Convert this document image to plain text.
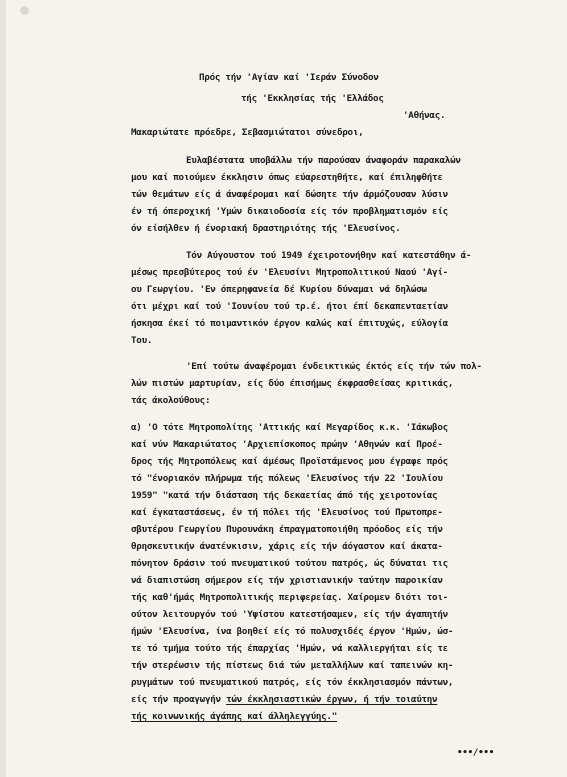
Πρός τήν 'Αγίαν καί 'Ιεράν Σύνοδον
τής 'Εκκλησίας τής 'Ελλάδος
'Αθήνας.
Μακαριώτατε πρόεδρε, Σεβασμιώτατοι σύνεδροι,
Ευλαβέστατα υποβάλλω τήν παρούσαν άναφοράν παρακαλών
μου καί ποιούμεν έκκλησιν όπως εύαρεστηθήτε, καί έπιληφθήτε
τών θεμάτων είς ά άναφέρομαι καί δώσητε τήν άρμόζουσαν λύσιν
έν τή όπεροχική 'Υμών δικαιοδοσία είς τόν προβληματισμόν είς
όν είσήλθεν ή ένοριακή δραστηριότης τής 'Ελευσίνος.
Τόν Αύγουστον τού 1949 έχειροτονήθην καί κατεστάθην ά-
μέσως πρεσβύτερος τού έν 'Ελευσίνι Μητροπολιτικού Ναού 'Αγί-
ου Γεωργίου. 'Εν όπερηφανεία δέ Κυρίου δύναμαι νά δηλώσω
ότι μέχρι καί τού 'Ιουνίου τού τρ.έ. ήτοι έπί δεκαπενταετίαν
ήσκησα έκεί τό ποιμαντικόν έργον καλώς καί έπιτυχώς, εύλογία
Του.
'Επί τούτω άναφέρομαι ένδεικτικώς έκτός είς τήν τών πολ-
λών πιστών μαρτυρίαν, είς δύο έπισήμως έκφρασθείσας κριτικάς,
τάς άκολούθους:
α) 'Ο τότε Μητροπολίτης 'Αττικής καί Μεγαρίδος κ.κ. 'Ιάκωβος
καί νύν Μακαριώτατος 'Αρχιεπίσκοπος πρώην 'Αθηνών καί Προέ-
δρος τής Μητροπόλεως καί άμέσως Προϊστάμενος μου έγραφε πρός
τό "ένοριακόν πλήρωμα τής πόλεως 'Ελευσίνος τήν 22 'Ιουλίου
1959" "κατά τήν διάσταση τής δεκαετίας άπό τής χειροτονίας
καί έγκαταστάσεως, έν τή πόλει τής 'Ελευσίνος τού Πρωτοπρε-
σβυτέρου Γεωργίου Πυρουνάκη έπραγματοποιήθη πρόοδος είς τήν
θρησκευτικήν άνατένκισιν, χάρις είς τήν άόγαστον καί άκατα-
πόνητον δράσιν τού πνευματικού τούτου πατρός, ώς δύναται τις
νά διαπιστώση σήμερον είς τήν χριστιανικήν ταύτην παροικίαν
τής καθ'ήμάς Μητροπολιτικής περιφερείας. Χαίρομεν διότι τοι-
ούτον λειτουργόν τού 'Υψίστου κατεστήσαμεν, είς τήν άγαπητήν
ήμών 'Ελευσίνα, ίνα βοηθεί είς τό πολυσχιδές έργον 'Ημών, ώσ-
τε τό τμήμα τούτο τής έπαρχίας 'Ημών, νά καλλιεργήται είς τε
τήν στερέωσιν τής πίστεως διά τών μεταλλήλων καί ταπεινών κη-
ρυγμάτων τού πνευματικού πατρός, είς τόν έκκλησιασμόν πάντων,
είς τήν προαγωγήν τών έκκλησιαστικών έργων, ή τήν τοιαύτην
τής κοινωνικής άγάπης καί άλληλεγγύης."
•••/•••
